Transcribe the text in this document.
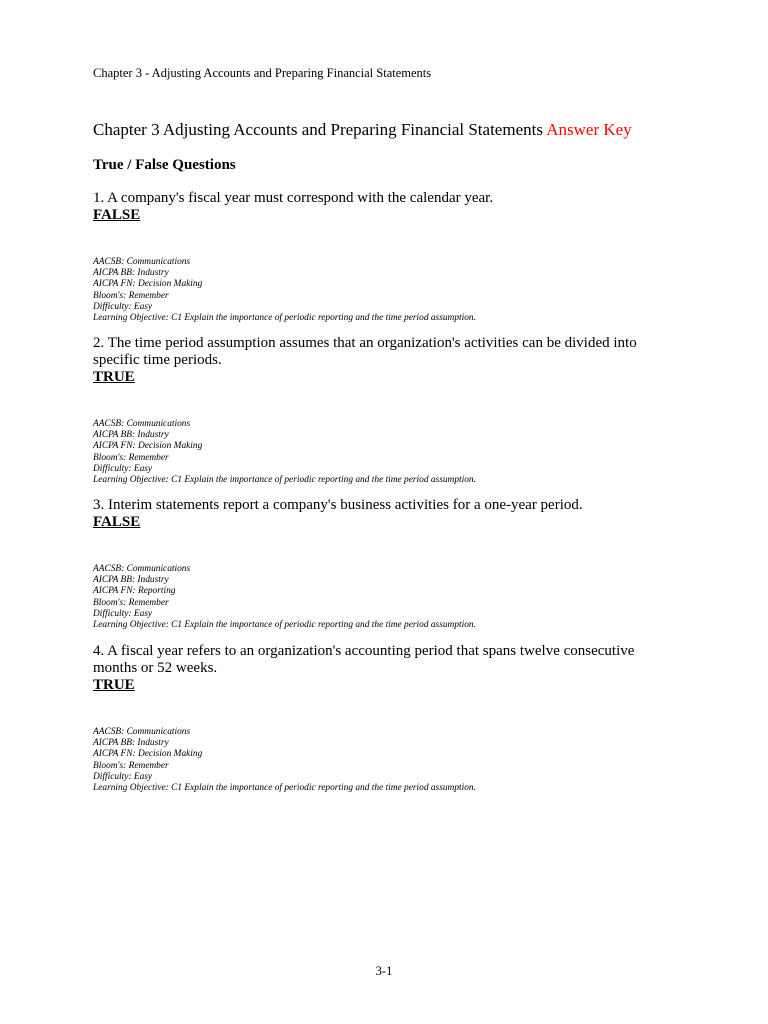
Chapter 3 - Adjusting Accounts and Preparing Financial Statements
Chapter 3 Adjusting Accounts and Preparing Financial Statements Answer Key
True / False Questions
1. A company's fiscal year must correspond with the calendar year.
FALSE
AACSB: Communications
AICPA BB: Industry
AICPA FN: Decision Making
Bloom's: Remember
Difficulty: Easy
Learning Objective: C1 Explain the importance of periodic reporting and the time period assumption.
2. The time period assumption assumes that an organization's activities can be divided into specific time periods.
TRUE
AACSB: Communications
AICPA BB: Industry
AICPA FN: Decision Making
Bloom's: Remember
Difficulty: Easy
Learning Objective: C1 Explain the importance of periodic reporting and the time period assumption.
3. Interim statements report a company's business activities for a one-year period.
FALSE
AACSB: Communications
AICPA BB: Industry
AICPA FN: Reporting
Bloom's: Remember
Difficulty: Easy
Learning Objective: C1 Explain the importance of periodic reporting and the time period assumption.
4. A fiscal year refers to an organization's accounting period that spans twelve consecutive months or 52 weeks.
TRUE
AACSB: Communications
AICPA BB: Industry
AICPA FN: Decision Making
Bloom's: Remember
Difficulty: Easy
Learning Objective: C1 Explain the importance of periodic reporting and the time period assumption.
3-1
